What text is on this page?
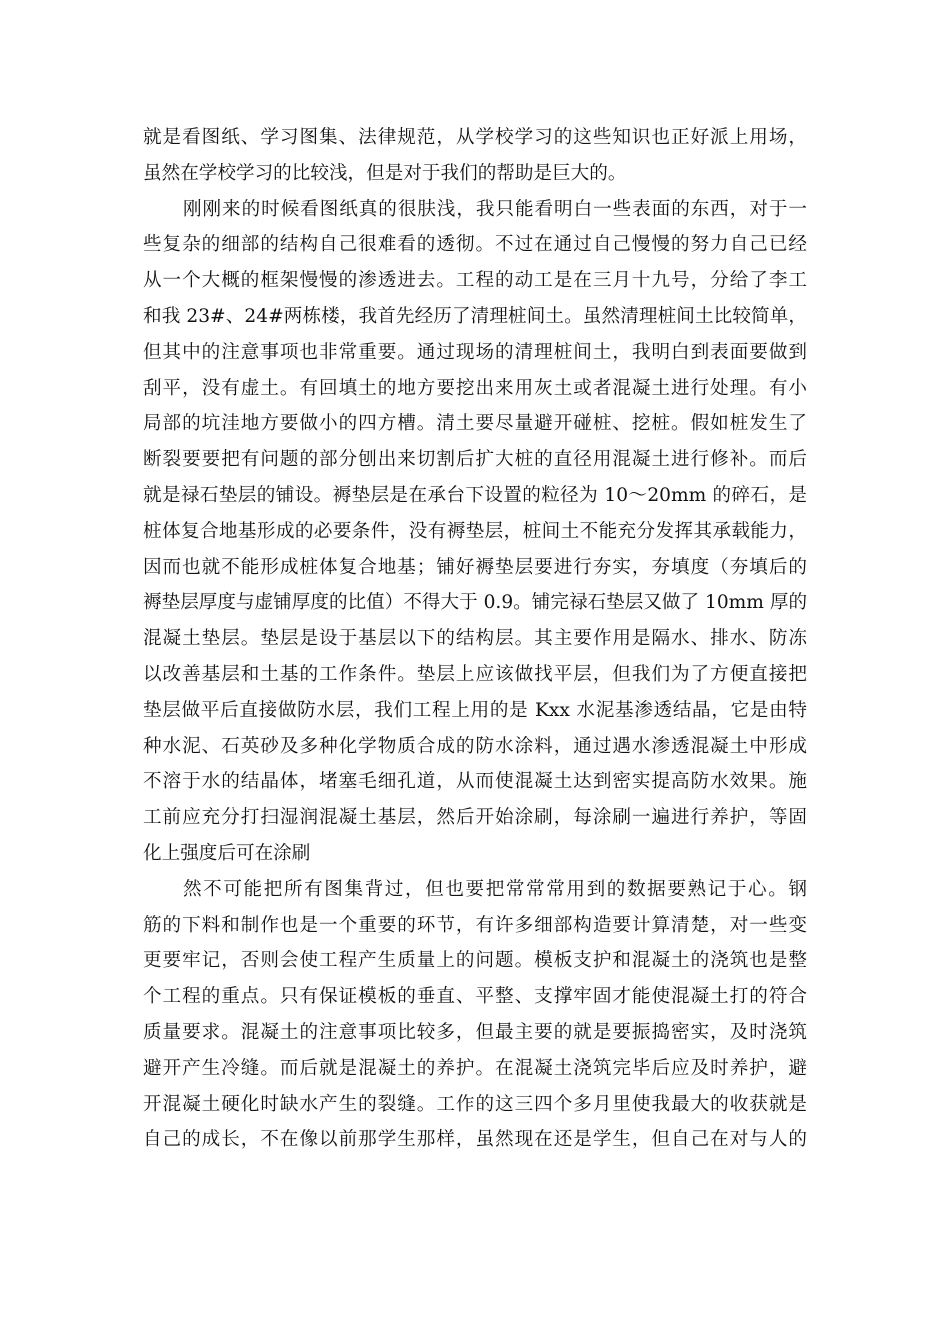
就是看图纸、学习图集、法律规范，从学校学习的这些知识也正好派上用场，
虽然在学校学习的比较浅，但是对于我们的帮助是巨大的。
刚刚来的时候看图纸真的很肤浅，我只能看明白一些表面的东西，对于一
些复杂的细部的结构自己很难看的透彻。不过在通过自己慢慢的努力自己已经
从一个大概的框架慢慢的渗透进去。工程的动工是在三月十九号，分给了李工
和我 23#、24#两栋楼，我首先经历了清理桩间土。虽然清理桩间土比较简单，
但其中的注意事项也非常重要。通过现场的清理桩间土，我明白到表面要做到
刮平，没有虚土。有回填土的地方要挖出来用灰土或者混凝土进行处理。有小
局部的坑洼地方要做小的四方槽。清土要尽量避开碰桩、挖桩。假如桩发生了
断裂要要把有问题的部分刨出来切割后扩大桩的直径用混凝土进行修补。而后
就是禄石垫层的铺设。褥垫层是在承台下设置的粒径为 10～20mm 的碎石，是
桩体复合地基形成的必要条件，没有褥垫层，桩间土不能充分发挥其承载能力，
因而也就不能形成桩体复合地基；铺好褥垫层要进行夯实，夯填度（夯填后的
褥垫层厚度与虚铺厚度的比值）不得大于 0.9。铺完禄石垫层又做了 10mm 厚的
混凝土垫层。垫层是设于基层以下的结构层。其主要作用是隔水、排水、防冻
以改善基层和土基的工作条件。垫层上应该做找平层，但我们为了方便直接把
垫层做平后直接做防水层，我们工程上用的是 Kxx 水泥基渗透结晶，它是由特
种水泥、石英砂及多种化学物质合成的防水涂料，通过遇水渗透混凝土中形成
不溶于水的结晶体，堵塞毛细孔道，从而使混凝土达到密实提高防水效果。施
工前应充分打扫湿润混凝土基层，然后开始涂刷，每涂刷一遍进行养护，等固
化上强度后可在涂刷
然不可能把所有图集背过，但也要把常常常用到的数据要熟记于心。钢
筋的下料和制作也是一个重要的环节，有许多细部构造要计算清楚，对一些变
更要牢记，否则会使工程产生质量上的问题。模板支护和混凝土的浇筑也是整
个工程的重点。只有保证模板的垂直、平整、支撑牢固才能使混凝土打的符合
质量要求。混凝土的注意事项比较多，但最主要的就是要振捣密实，及时浇筑
避开产生冷缝。而后就是混凝土的养护。在混凝土浇筑完毕后应及时养护，避
开混凝土硬化时缺水产生的裂缝。工作的这三四个多月里使我最大的收获就是
自己的成长，不在像以前那学生那样，虽然现在还是学生，但自己在对与人的
